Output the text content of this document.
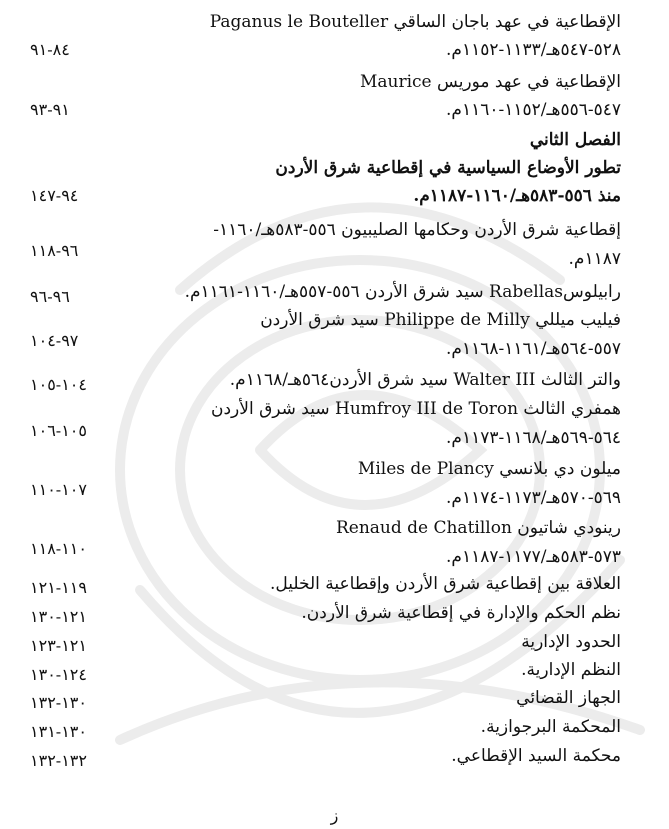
الإقطاعية في عهد باجان الساقي Paganus le Bouteller
٥٢٨-٥٤٧هـ/١١٣٣-١١٥٢م.
٨٤-٩١
الإقطاعية في عهد موريس Maurice
٥٤٧-٥٥٦هـ/١١٥٢-١١٦٠م.
٩١-٩٣
الفصل الثاني
تطور الأوضاع السياسية في إقطاعية شرق الأردن
منذ ٥٥٦-٥٨٣هـ/١١٦٠-١١٨٧م.
٩٤-١٤٧
إقطاعية شرق الأردن وحكامها الصليبيون ٥٥٦-٥٨٣هـ/١١٦٠-
١١٨٧م.
٩٦-١١٨
رابيلوسRabellas سيد شرق الأردن ٥٥٦-٥٥٧هـ/١١٦٠-١١٦١م.
٩٦-٩٦
فيليب ميللي Philippe de Milly سيد شرق الأردن
٥٥٧-٥٦٤هـ/١١٦١-١١٦٨م.
٩٧-١٠٤
والتر الثالث Walter III سيد شرق الأردن٥٦٤هـ/١١٦٨م.
١٠٤-١٠٥
همفري الثالث Humfroy III de Toron سيد شرق الأردن
٥٦٤-٥٦٩هـ/١١٦٨-١١٧٣م.
١٠٥-١٠٦
ميلون دي بلانسي Miles de Plancy
٥٦٩-٥٧٠هـ/١١٧٣-١١٧٤م.
١٠٧-١١٠
رينودي شاتيون Renaud de Chatillon
٥٧٣-٥٨٣هـ/١١٧٧-١١٨٧م.
١١٠-١١٨
العلاقة بين إقطاعية شرق الأردن وإقطاعية الخليل.
١١٩-١٢١
نظم الحكم والإدارة في إقطاعية شرق الأردن.
١٢١-١٣٠
الحدود الإدارية
١٢١-١٢٣
النظم الإدارية.
١٢٤-١٣٠
الجهاز القضائي
١٣٠-١٣٢
المحكمة البرجوازية.
١٣٠-١٣١
محكمة السيد الإقطاعي.
١٣٢-١٣٢
ز
